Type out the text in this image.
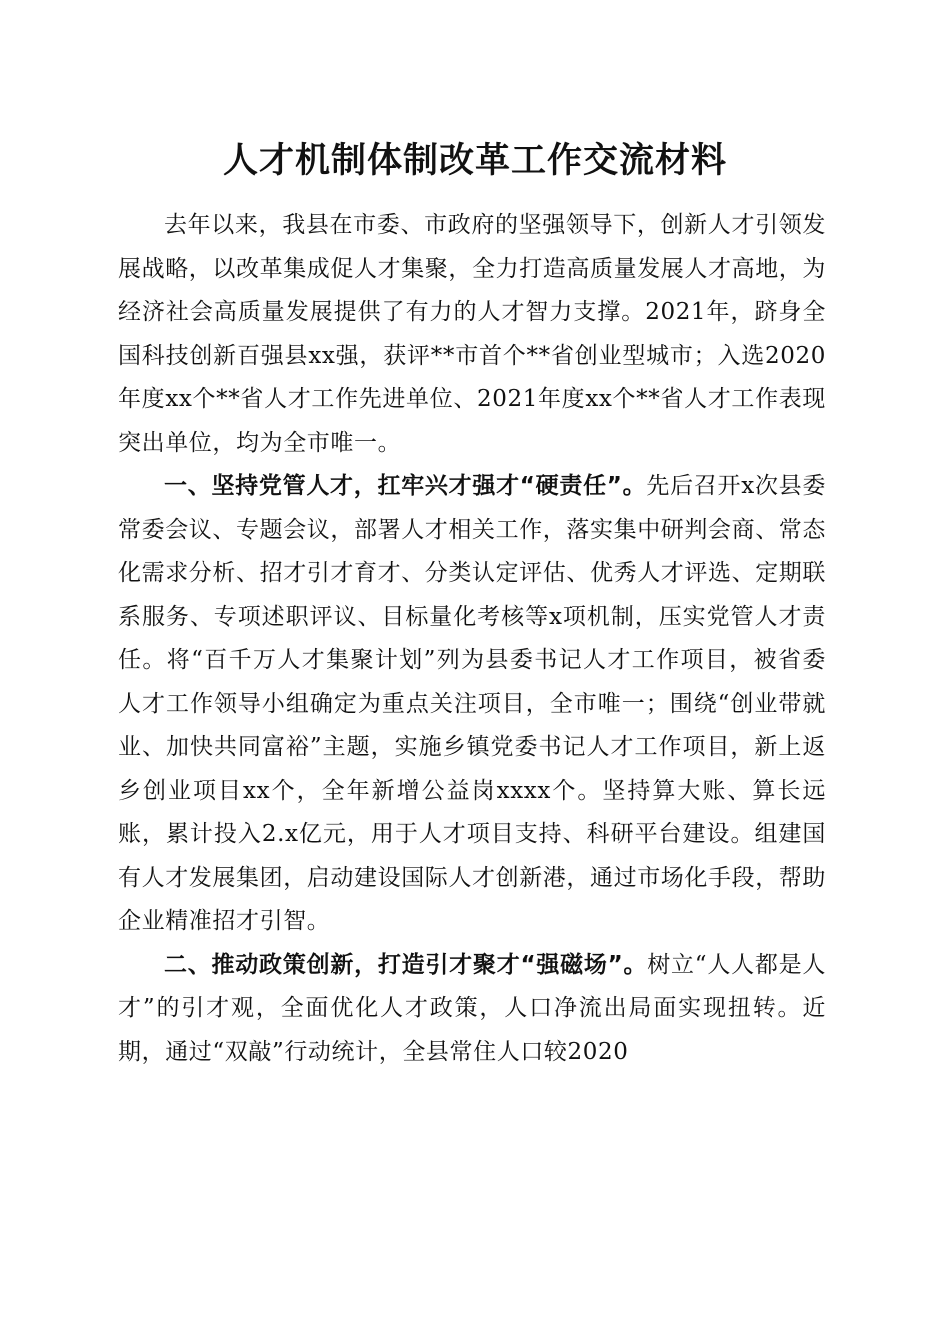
人才机制体制改革工作交流材料

去年以来，我县在市委、市政府的坚强领导下，创新人才引领发展战略，以改革集成促人才集聚，全力打造高质量发展人才高地，为经济社会高质量发展提供了有力的人才智力支撑。2021年，跻身全国科技创新百强县xx强，获评**市首个**省创业型城市；入选2020年度xx个**省人才工作先进单位、2021年度xx个**省人才工作表现突出单位，均为全市唯一。

一、坚持党管人才，扛牢兴才强才“硬责任”。先后召开x次县委常委会议、专题会议，部署人才相关工作，落实集中研判会商、常态化需求分析、招才引才育才、分类认定评估、优秀人才评选、定期联系服务、专项述职评议、目标量化考核等x项机制，压实党管人才责任。将“百千万人才集聚计划”列为县委书记人才工作项目，被省委人才工作领导小组确定为重点关注项目，全市唯一；围绕“创业带就业、加快共同富裕”主题，实施乡镇党委书记人才工作项目，新上返乡创业项目xx个，全年新增公益岗xxxx个。坚持算大账、算长远账，累计投入2.x亿元，用于人才项目支持、科研平台建设。组建国有人才发展集团，启动建设国际人才创新港，通过市场化手段，帮助企业精准招才引智。

二、推动政策创新，打造引才聚才“强磁场”。树立“人人都是人才”的引才观，全面优化人才政策，人口净流出局面实现扭转。近期，通过“双敲”行动统计，全县常住人口较2020
